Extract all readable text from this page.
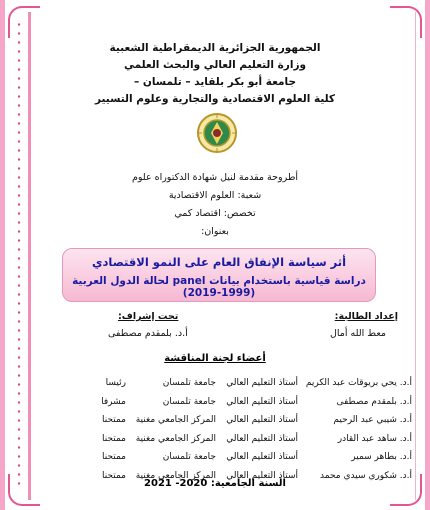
الجمهورية الجزائرية الديمقراطية الشعبية
وزارة التعليم العالي والبحث العلمي
جامعة أبو بكر بلقايد – تلمسان –
كلية العلوم الاقتصادية والتجارية وعلوم التسيير
أطروحة مقدمة لنيل شهادة الدكتوراه علوم
شعبة: العلوم الاقتصادية
تخصص: اقتصاد كمي
بعنوان:
أثر سياسة الإنفاق العام على النمو الاقتصادي
دراسة قياسية باستخدام بيانات panel لحالة الدول العربية (1999-2019)
إعداد الطالبة:
معط الله أمال
تحت إشراف:
أ.د. بلمقدم مصطفى
أعضاء لجنة المناقشة
أ.د. يحي بريوقات عبد الكريم
أستاذ التعليم العالي
جامعة تلمسان
رئيسا
أ.د. بلمقدم مصطفى
أستاذ التعليم العالي
جامعة تلمسان
مشرفا
أ.د. شيبي عبد الرحيم
أستاذ التعليم العالي
المركز الجامعي مغنية
ممتحنا
أ.د. ساهد عبد القادر
أستاذ التعليم العالي
المركز الجامعي مغنية
ممتحنا
أ.د. بطاهر سمير
أستاذ التعليم العالي
جامعة تلمسان
ممتحنا
أ.د. شكوري سيدي محمد
أستاذ التعليم العالي
المركز الجامعي مغنية
ممتحنا
السنة الجامعية: 2020- 2021
